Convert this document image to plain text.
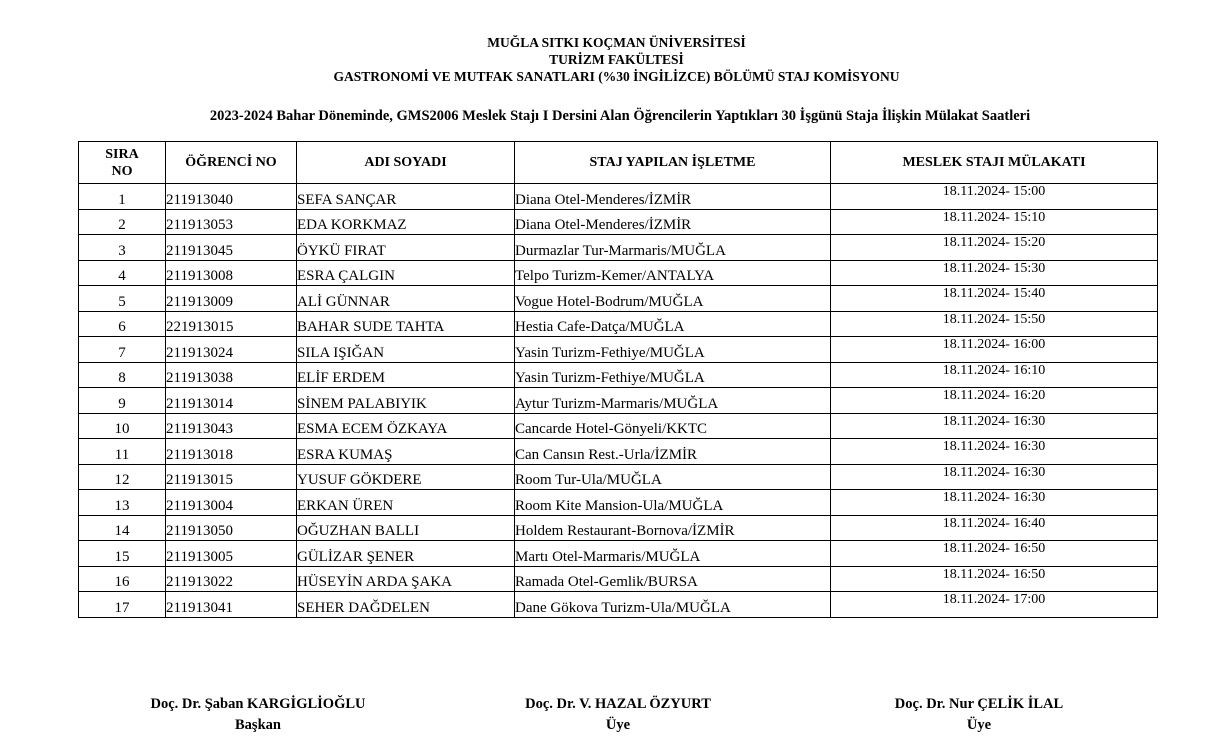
MUĞLA SITKI KOÇMAN ÜNİVERSİTESİ
TURİZM FAKÜLTESİ
GASTRONOMİ VE MUTFAK SANATLARI (%30 İNGİLİZCE) BÖLÜMÜ STAJ KOMİSYONU
2023-2024 Bahar Döneminde, GMS2006 Meslek Stajı I Dersini Alan Öğrencilerin Yaptıkları 30 İşgünü Staja İlişkin Mülakat Saatleri
SIRA
NO	ÖĞRENCİ NO	ADI SOYADI	STAJ YAPILAN İŞLETME	MESLEK STAJI MÜLAKATI
1	211913040	SEFA SANÇAR	Diana Otel-Menderes/İZMİR	18.11.2024- 15:00
2	211913053	EDA KORKMAZ	Diana Otel-Menderes/İZMİR	18.11.2024- 15:10
3	211913045	ÖYKÜ FIRAT	Durmazlar Tur-Marmaris/MUĞLA	18.11.2024- 15:20
4	211913008	ESRA ÇALGIN	Telpo Turizm-Kemer/ANTALYA	18.11.2024- 15:30
5	211913009	ALİ GÜNNAR	Vogue Hotel-Bodrum/MUĞLA	18.11.2024- 15:40
6	221913015	BAHAR SUDE TAHTA	Hestia Cafe-Datça/MUĞLA	18.11.2024- 15:50
7	211913024	SILA IŞIĞAN	Yasin Turizm-Fethiye/MUĞLA	18.11.2024- 16:00
8	211913038	ELİF ERDEM	Yasin Turizm-Fethiye/MUĞLA	18.11.2024- 16:10
9	211913014	SİNEM PALABIYIK	Aytur Turizm-Marmaris/MUĞLA	18.11.2024- 16:20
10	211913043	ESMA ECEM ÖZKAYA	Cancarde Hotel-Gönyeli/KKTC	18.11.2024- 16:30
11	211913018	ESRA KUMAŞ	Can Cansın Rest.-Urla/İZMİR	18.11.2024- 16:30
12	211913015	YUSUF GÖKDERE	Room Tur-Ula/MUĞLA	18.11.2024- 16:30
13	211913004	ERKAN ÜREN	Room Kite Mansion-Ula/MUĞLA	18.11.2024- 16:30
14	211913050	OĞUZHAN BALLI	Holdem Restaurant-Bornova/İZMİR	18.11.2024- 16:40
15	211913005	GÜLİZAR ŞENER	Martı Otel-Marmaris/MUĞLA	18.11.2024- 16:50
16	211913022	HÜSEYİN ARDA ŞAKA	Ramada Otel-Gemlik/BURSA	18.11.2024- 16:50
17	211913041	SEHER DAĞDELEN	Dane Gökova Turizm-Ula/MUĞLA	18.11.2024- 17:00
Doç. Dr. Şaban KARGİGLİOĞLU
Başkan
Doç. Dr. V. HAZAL ÖZYURT
Üye
Doç. Dr. Nur ÇELİK İLAL
Üye
